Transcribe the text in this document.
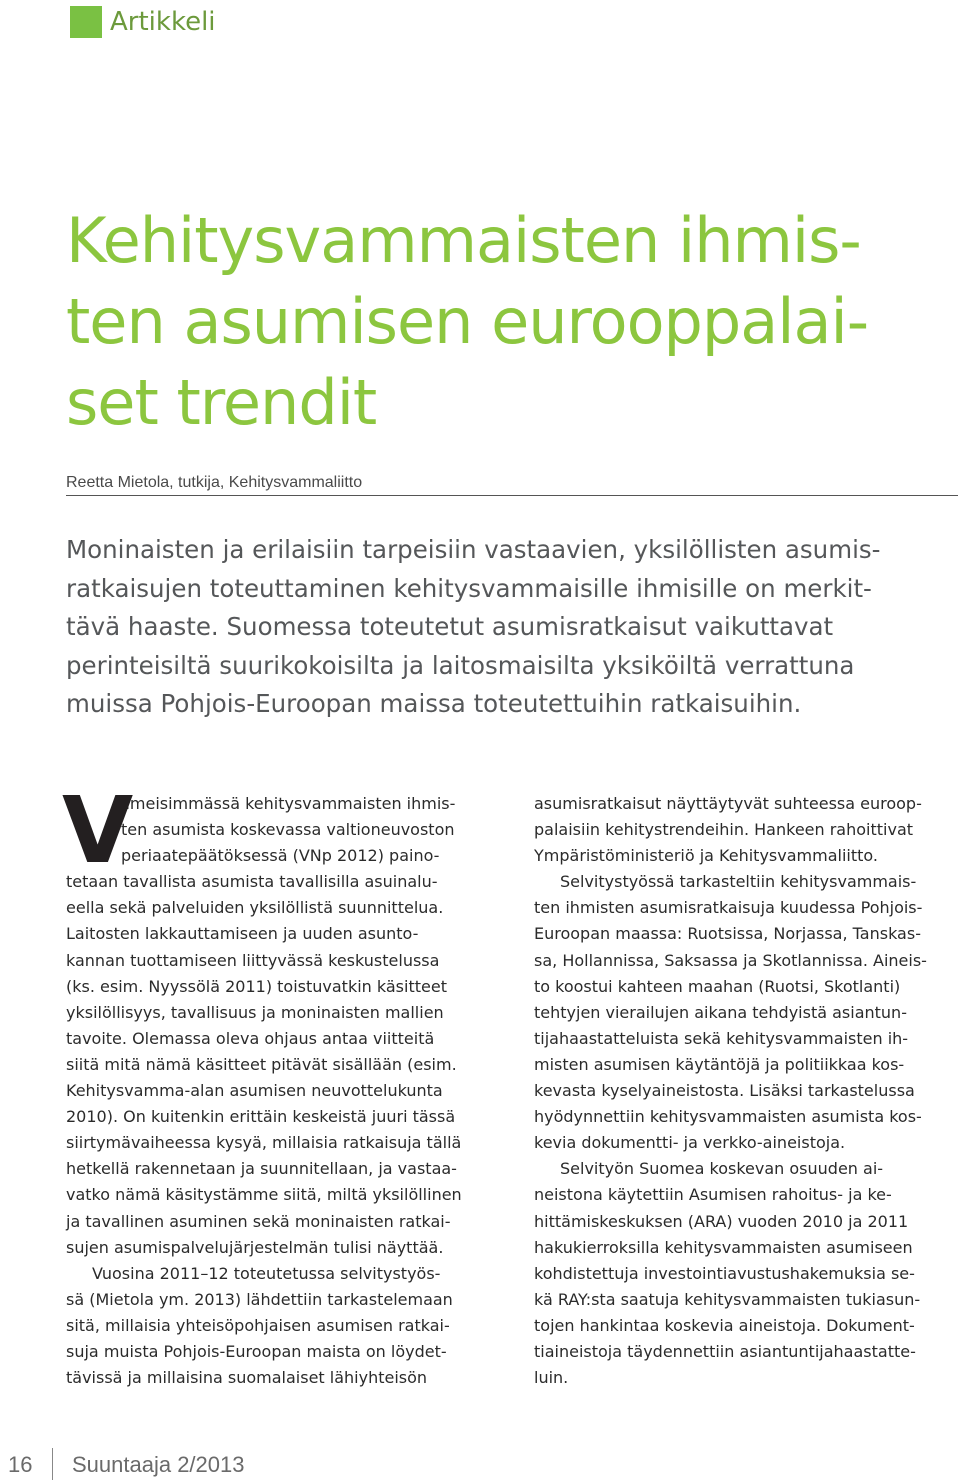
Artikkeli
Kehitysvammaisten ihmis-
ten asumisen eurooppalai-
set trendit
Reetta Mietola, tutkija, Kehitysvammaliitto
Moninaisten ja erilaisiin tarpeisiin vastaavien, yksilöllisten asumis-
ratkaisujen toteuttaminen kehitysvammaisille ihmisille on merkit-
tävä haaste. Suomessa toteutetut asumisratkaisut vaikuttavat
perinteisiltä suurikokoisilta ja laitosmaisilta yksiköiltä verrattuna
muissa Pohjois-Euroopan maissa toteutettuihin ratkaisuihin.
V
iimeisimmässä kehitysvammaisten ihmis-
ten asumista koskevassa valtioneuvoston
periaatepäätöksessä (VNp 2012) paino-
tetaan tavallista asumista tavallisilla asuinalu-
eella sekä palveluiden yksilöllistä suunnittelua.
Laitosten lakkauttamiseen ja uuden asunto-
kannan tuottamiseen liittyvässä keskustelussa
(ks. esim. Nyyssölä 2011) toistuvatkin käsitteet
yksilöllisyys, tavallisuus ja moninaisten mallien
tavoite. Olemassa oleva ohjaus antaa viitteitä
siitä mitä nämä käsitteet pitävät sisällään (esim.
Kehitysvamma-alan asumisen neuvottelukunta
2010). On kuitenkin erittäin keskeistä juuri tässä
siirtymävaiheessa kysyä, millaisia ratkaisuja tällä
hetkellä rakennetaan ja suunnitellaan, ja vastaa-
vatko nämä käsitystämme siitä, miltä yksilöllinen
ja tavallinen asuminen sekä moninaisten ratkai-
sujen asumispalvelujärjestelmän tulisi näyttää.
Vuosina 2011–12 toteutetussa selvitystyös-
sä (Mietola ym. 2013) lähdettiin tarkastelemaan
sitä, millaisia yhteisöpohjaisen asumisen ratkai-
suja muista Pohjois-Euroopan maista on löydet-
tävissä ja millaisina suomalaiset lähiyhteisön
asumisratkaisut näyttäytyvät suhteessa euroop-
palaisiin kehitystrendeihin. Hankeen rahoittivat
Ympäristöministeriö ja Kehitysvammaliitto.
Selvitystyössä tarkasteltiin kehitysvammais-
ten ihmisten asumisratkaisuja kuudessa Pohjois-
Euroopan maassa: Ruotsissa, Norjassa, Tanskas-
sa, Hollannissa, Saksassa ja Skotlannissa. Aineis-
to koostui kahteen maahan (Ruotsi, Skotlanti)
tehtyjen vierailujen aikana tehdyistä asiantun-
tijahaastatteluista sekä kehitysvammaisten ih-
misten asumisen käytäntöjä ja politiikkaa kos-
kevasta kyselyaineistosta. Lisäksi tarkastelussa
hyödynnettiin kehitysvammaisten asumista kos-
kevia dokumentti- ja verkko-aineistoja.
Selvityön Suomea koskevan osuuden ai-
neistona käytettiin Asumisen rahoitus- ja ke-
hittämiskeskuksen (ARA) vuoden 2010 ja 2011
hakukierroksilla kehitysvammaisten asumiseen
kohdistettuja investointiavustushakemuksia se-
kä RAY:sta saatuja kehitysvammaisten tukiasun-
tojen hankintaa koskevia aineistoja. Dokument-
tiaineistoja täydennettiin asiantuntijahaastatte-
luin.
16 Suuntaaja 2/2013
